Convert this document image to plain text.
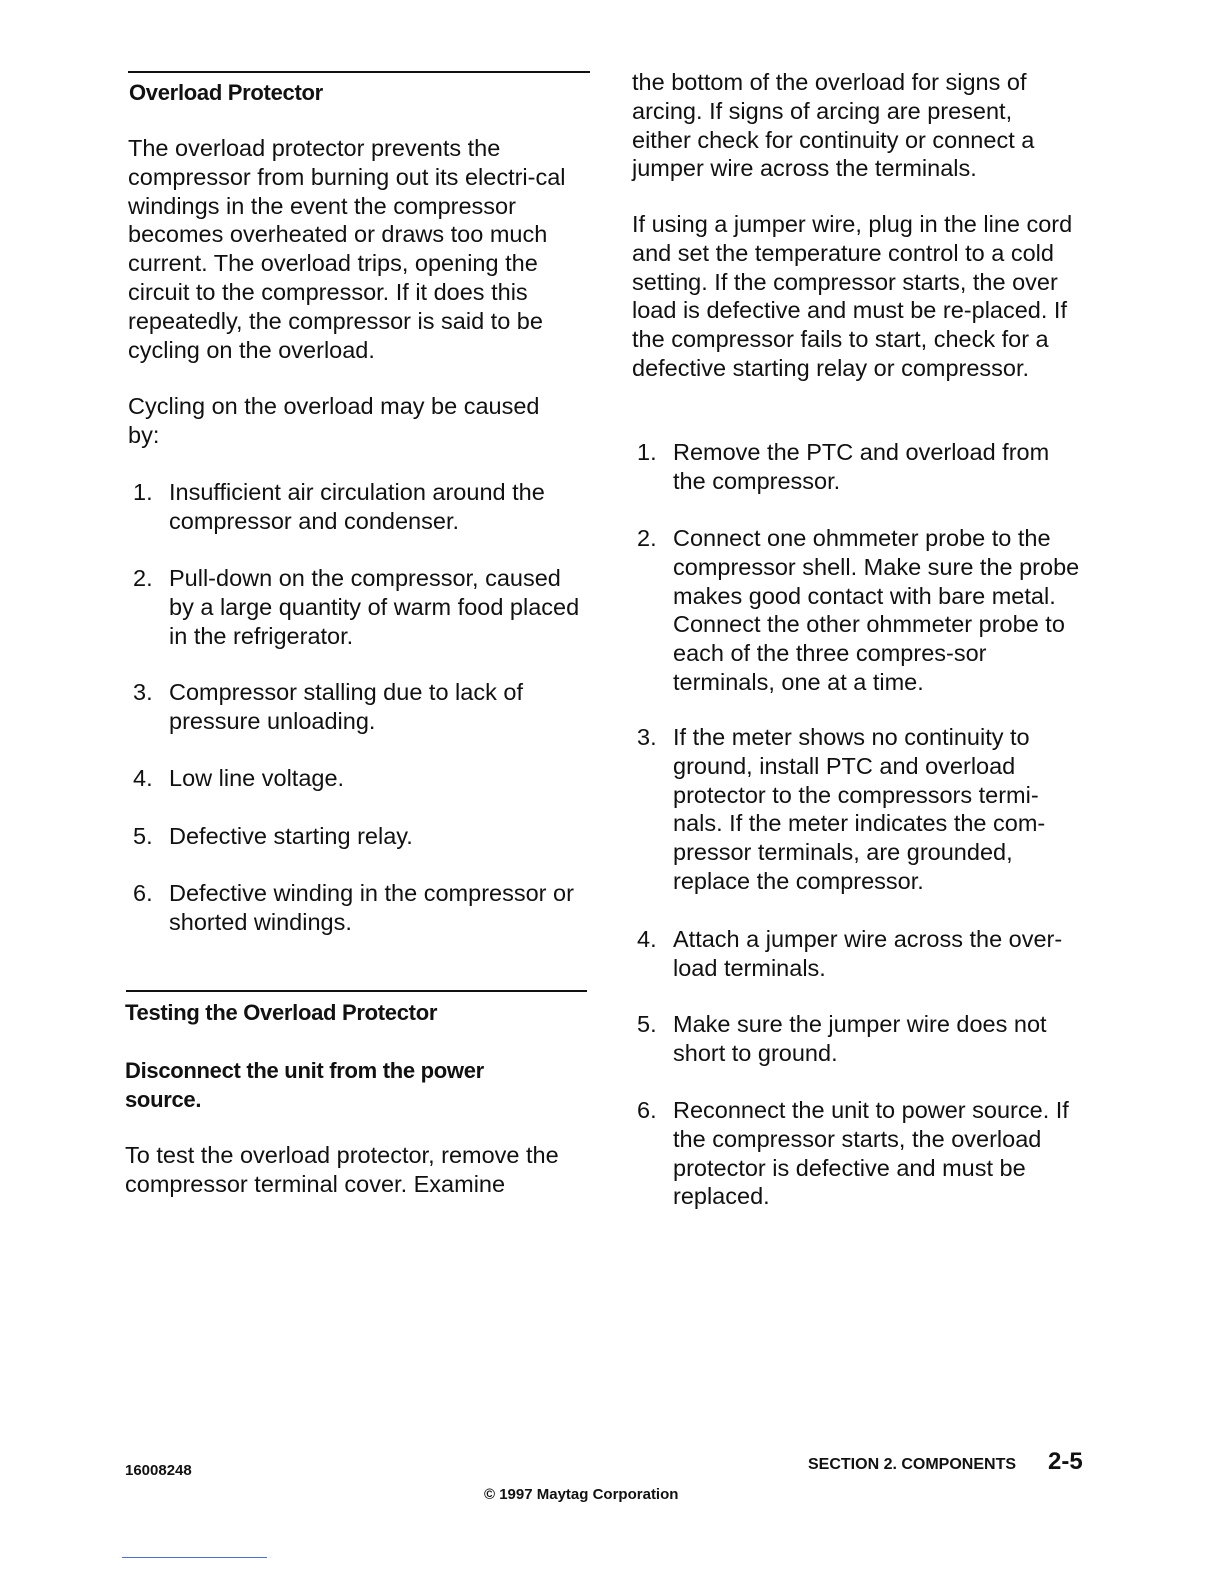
Overload Protector

The overload protector prevents the compressor from burning out its electri-cal windings in the event the compressor becomes overheated or draws too much current. The overload trips, opening the circuit to the compressor. If it does this repeatedly, the compressor is said to be cycling on the overload.

Cycling on the overload may be caused by:

1. Insufficient air circulation around the compressor and condenser.
2. Pull-down on the compressor, caused by a large quantity of warm food placed in the refrigerator.
3. Compressor stalling due to lack of pressure unloading.
4. Low line voltage.
5. Defective starting relay.
6. Defective winding in the compressor or shorted windings.
Testing the Overload Protector
Disconnect the unit from the power source.

To test the overload protector, remove the compressor terminal cover. Examine

the bottom of the overload for signs of arcing. If signs of arcing are present, either check for continuity or connect a jumper wire across the terminals.

If using a jumper wire, plug in the line cord and set the temperature control to a cold setting. If the compressor starts, the over load is defective and must be re-placed. If the compressor fails to start, check for a defective starting relay or compressor.

1. Remove the PTC and overload from the compressor.
2. Connect one ohmmeter probe to the compressor shell. Make sure the probe makes good contact with bare metal. Connect the other ohmmeter probe to each of the three compres-sor terminals, one at a time.
3. If the meter shows no continuity to ground, install PTC and overload protector to the compressors termi-nals. If the meter indicates the com-pressor terminals, are grounded, replace the compressor.
4. Attach a jumper wire across the over-load terminals.
5. Make sure the jumper wire does not short to ground.
6. Reconnect the unit to power source. If the compressor starts, the overload protector is defective and must be replaced.
16008248	SECTION 2. COMPONENTS 2-5
© 1997 Maytag Corporation
